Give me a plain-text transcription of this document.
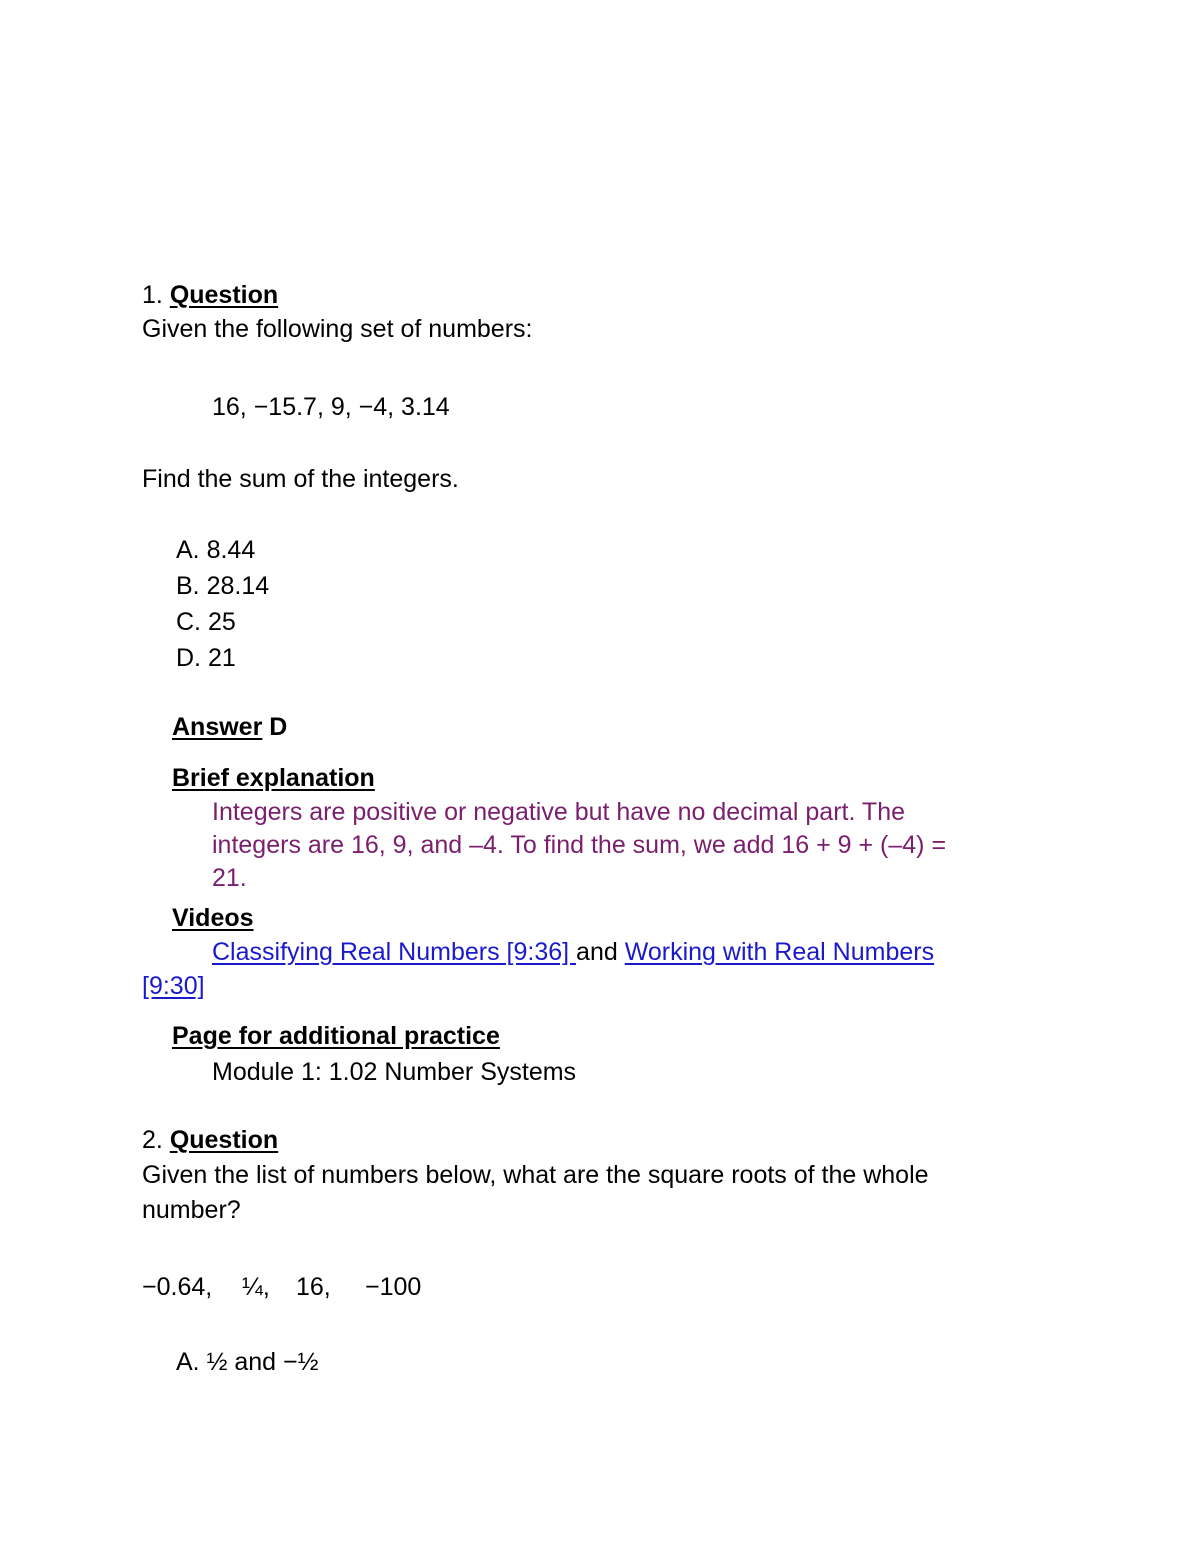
1. Question
Given the following set of numbers:
16, −15.7, 9, −4, 3.14
Find the sum of the integers.
A. 8.44
B. 28.14
C. 25
D. 21
Answer D
Brief explanation
Integers are positive or negative but have no decimal part. The
integers are 16, 9, and –4. To find the sum, we add 16 + 9 + (–4) =
21.
Videos
Classifying Real Numbers [9:36] and Working with Real Numbers
[9:30]
Page for additional practice
Module 1: 1.02 Number Systems
2. Question
Given the list of numbers below, what are the square roots of the whole
number?
−0.64, ¼, 16, −100
A. ½ and −½
